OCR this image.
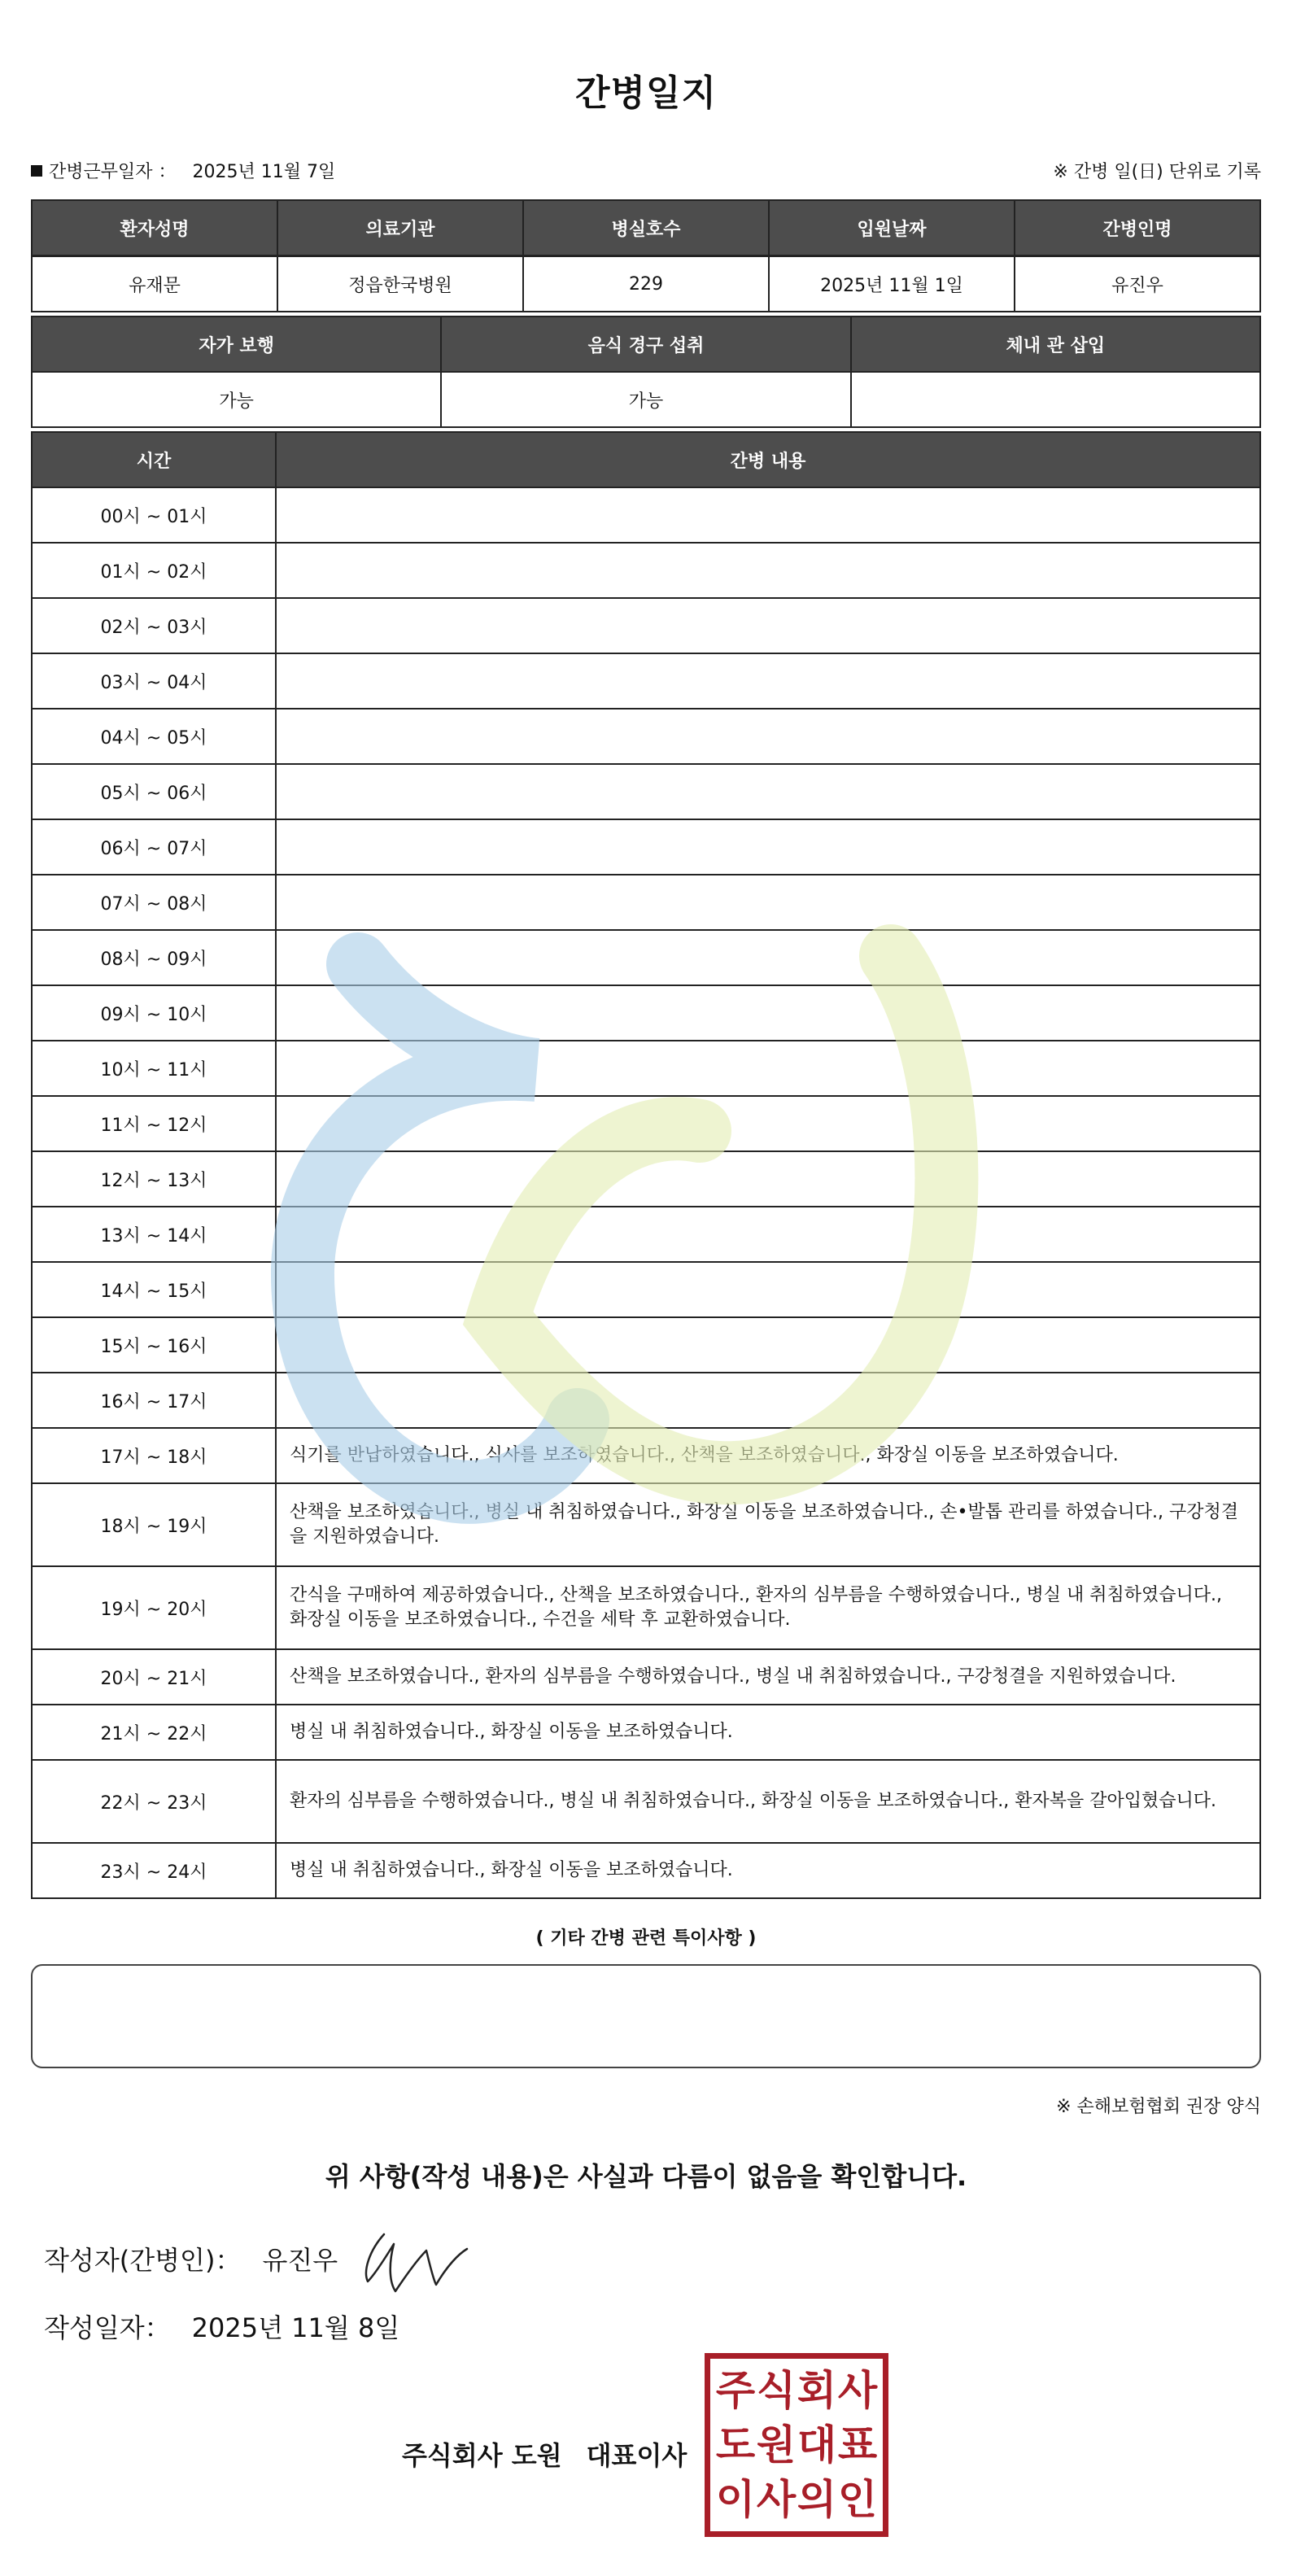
간병일지
간병근무일자 ： 2025년 11월 7일	※ 간병 일(日) 단위로 기록
환자성명	의료기관	병실호수	입원날짜	간병인명
유재문	정읍한국병원	229	2025년 11월 1일	유진우
자가 보행	음식 경구 섭취	체내 관 삽입
가능	가능	
시간	간병 내용
00시 ~ 01시	
01시 ~ 02시	
02시 ~ 03시	
03시 ~ 04시	
04시 ~ 05시	
05시 ~ 06시	
06시 ~ 07시	
07시 ~ 08시	
08시 ~ 09시	
09시 ~ 10시	
10시 ~ 11시	
11시 ~ 12시	
12시 ~ 13시	
13시 ~ 14시	
14시 ~ 15시	
15시 ~ 16시	
16시 ~ 17시	
17시 ~ 18시	식기를 반납하였습니다., 식사를 보조하였습니다., 산책을 보조하였습니다., 화장실 이동을 보조하였습니다.
18시 ~ 19시	산책을 보조하였습니다., 병실 내 취침하였습니다., 화장실 이동을 보조하였습니다., 손•발톱 관리를 하였습니다., 구강청결을 지원하였습니다.
19시 ~ 20시	간식을 구매하여 제공하였습니다., 산책을 보조하였습니다., 환자의 심부름을 수행하였습니다., 병실 내 취침하였습니다., 화장실 이동을 보조하였습니다., 수건을 세탁 후 교환하였습니다.
20시 ~ 21시	산책을 보조하였습니다., 환자의 심부름을 수행하였습니다., 병실 내 취침하였습니다., 구강청결을 지원하였습니다.
21시 ~ 22시	병실 내 취침하였습니다., 화장실 이동을 보조하였습니다.
22시 ~ 23시	환자의 심부름을 수행하였습니다., 병실 내 취침하였습니다., 화장실 이동을 보조하였습니다., 환자복을 갈아입혔습니다.
23시 ~ 24시	병실 내 취침하였습니다., 화장실 이동을 보조하였습니다.
( 기타 간병 관련 특이사항 )
※ 손해보험협회 권장 양식
위 사항(작성 내용)은 사실과 다름이 없음을 확인합니다.
작성자(간병인)： 유진우
작성일자： 2025년 11월 8일
주식회사 도원 대표이사
주 식 회 사
도 원 대 표
이 사 의 인
